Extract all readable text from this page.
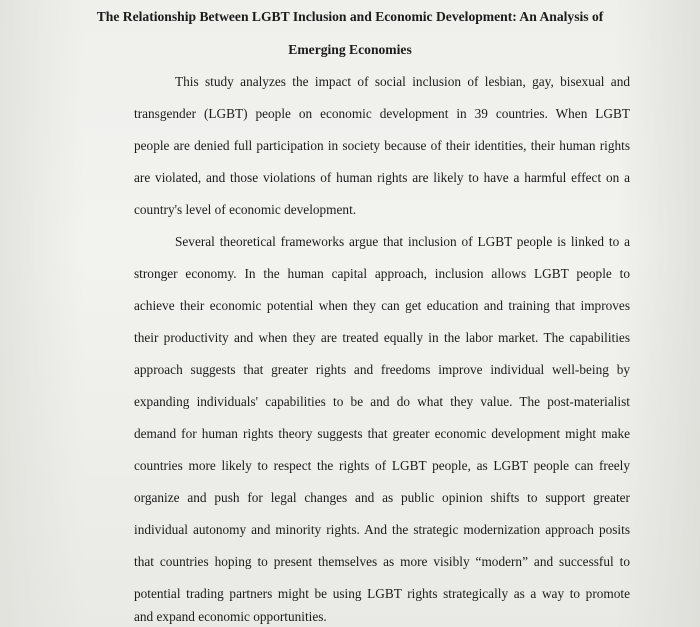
The Relationship Between LGBT Inclusion and Economic Development: An Analysis of
Emerging Economies
This study analyzes the impact of social inclusion of lesbian, gay, bisexual and
transgender (LGBT) people on economic development in 39 countries. When LGBT
people are denied full participation in society because of their identities, their human rights
are violated, and those violations of human rights are likely to have a harmful effect on a
country's level of economic development.
Several theoretical frameworks argue that inclusion of LGBT people is linked to a
stronger economy. In the human capital approach, inclusion allows LGBT people to
achieve their economic potential when they can get education and training that improves
their productivity and when they are treated equally in the labor market. The capabilities
approach suggests that greater rights and freedoms improve individual well-being by
expanding individuals' capabilities to be and do what they value. The post-materialist
demand for human rights theory suggests that greater economic development might make
countries more likely to respect the rights of LGBT people, as LGBT people can freely
organize and push for legal changes and as public opinion shifts to support greater
individual autonomy and minority rights. And the strategic modernization approach posits
that countries hoping to present themselves as more visibly “modern” and successful to
potential trading partners might be using LGBT rights strategically as a way to promote
and expand economic opportunities.
